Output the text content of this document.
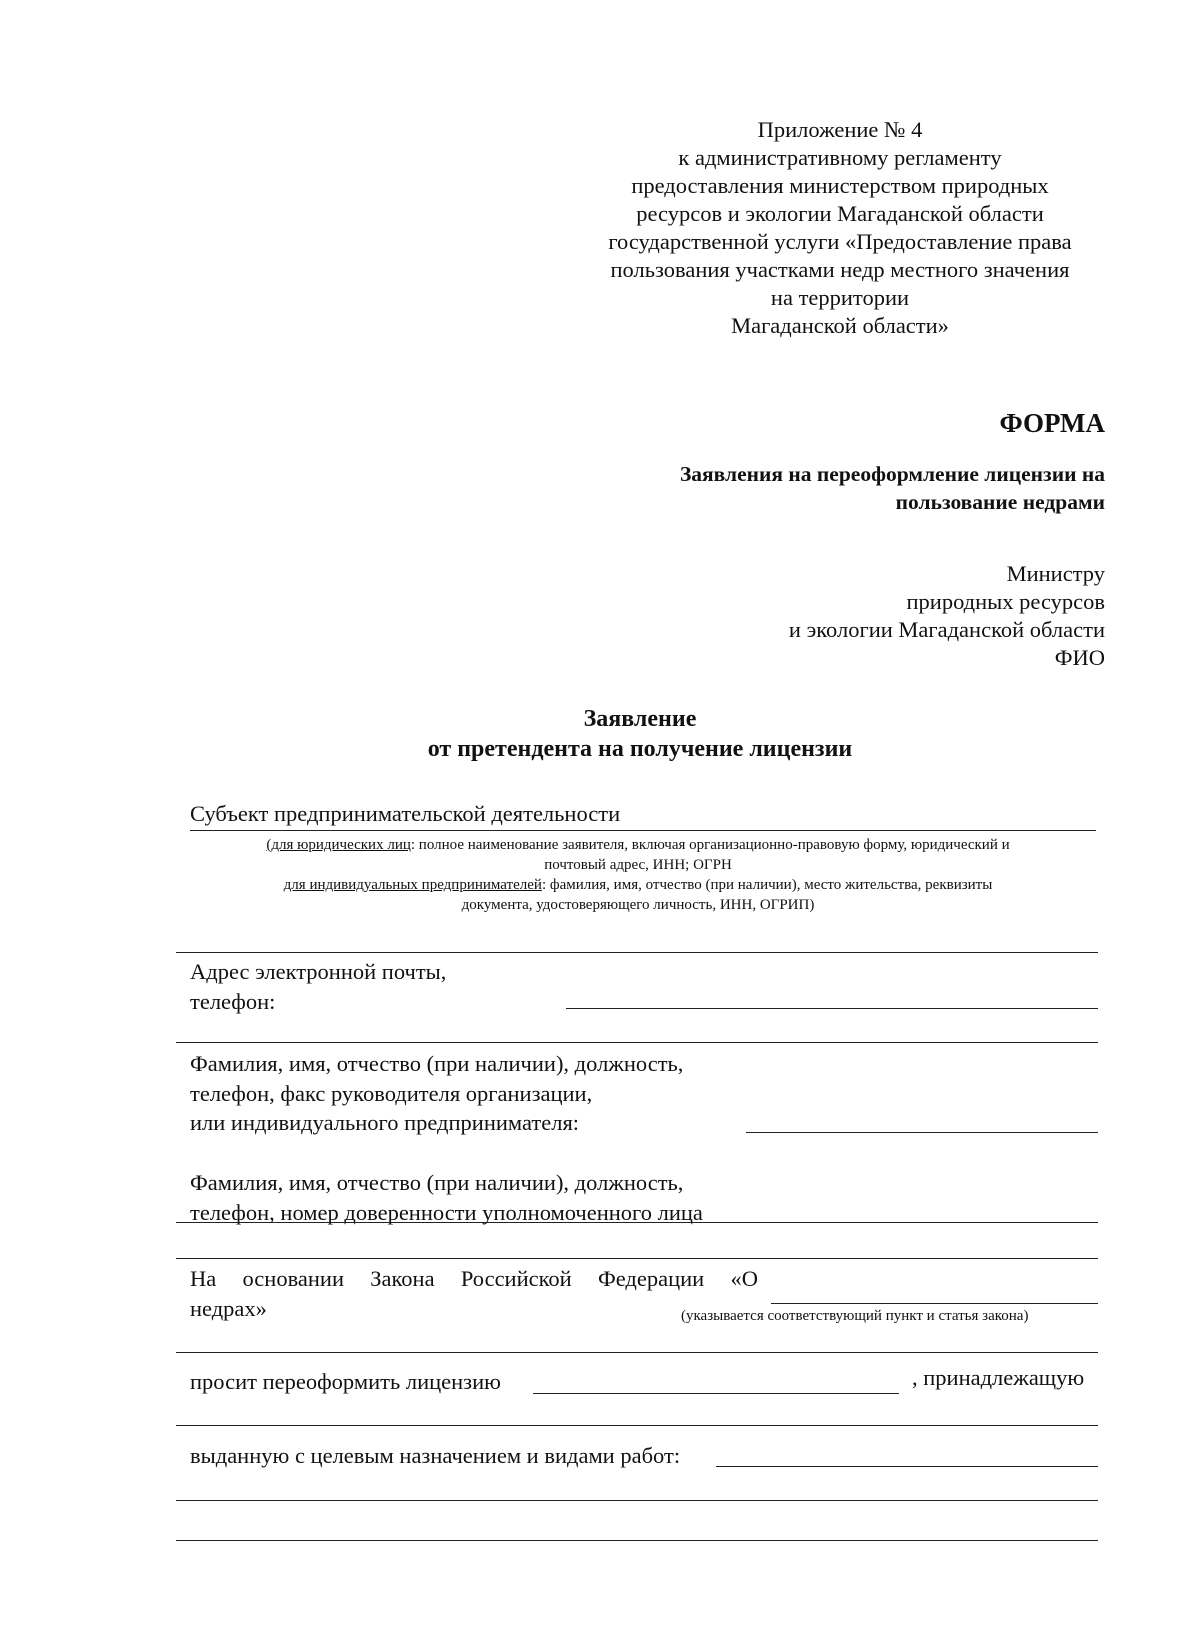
Приложение № 4
к административному регламенту
предоставления министерством природных
ресурсов и экологии Магаданской области
государственной услуги «Предоставление права
пользования участками недр местного значения
на территории
Магаданской области»
ФОРМА
Заявления на переоформление лицензии на
пользование недрами
Министру
природных ресурсов
и экологии Магаданской области
ФИО
Заявление
от претендента на получение лицензии
Субъект предпринимательской деятельности
(для юридических лиц: полное наименование заявителя, включая организационно-правовую форму, юридический и
почтовый адрес, ИНН; ОГРН
для индивидуальных предпринимателей: фамилия, имя, отчество (при наличии), место жительства, реквизиты
документа, удостоверяющего личность, ИНН, ОГРИП)
Адрес электронной почты,
телефон:
Фамилия, имя, отчество (при наличии), должность,
телефон, факс руководителя организации,
или индивидуального предпринимателя:
Фамилия, имя, отчество (при наличии), должность,
телефон, номер доверенности уполномоченного лица
На основании Закона Российской Федерации «О
недрах»	(указывается соответствующий пункт и статья закона)
просит переоформить лицензию	, принадлежащую
выданную с целевым назначением и видами работ:
